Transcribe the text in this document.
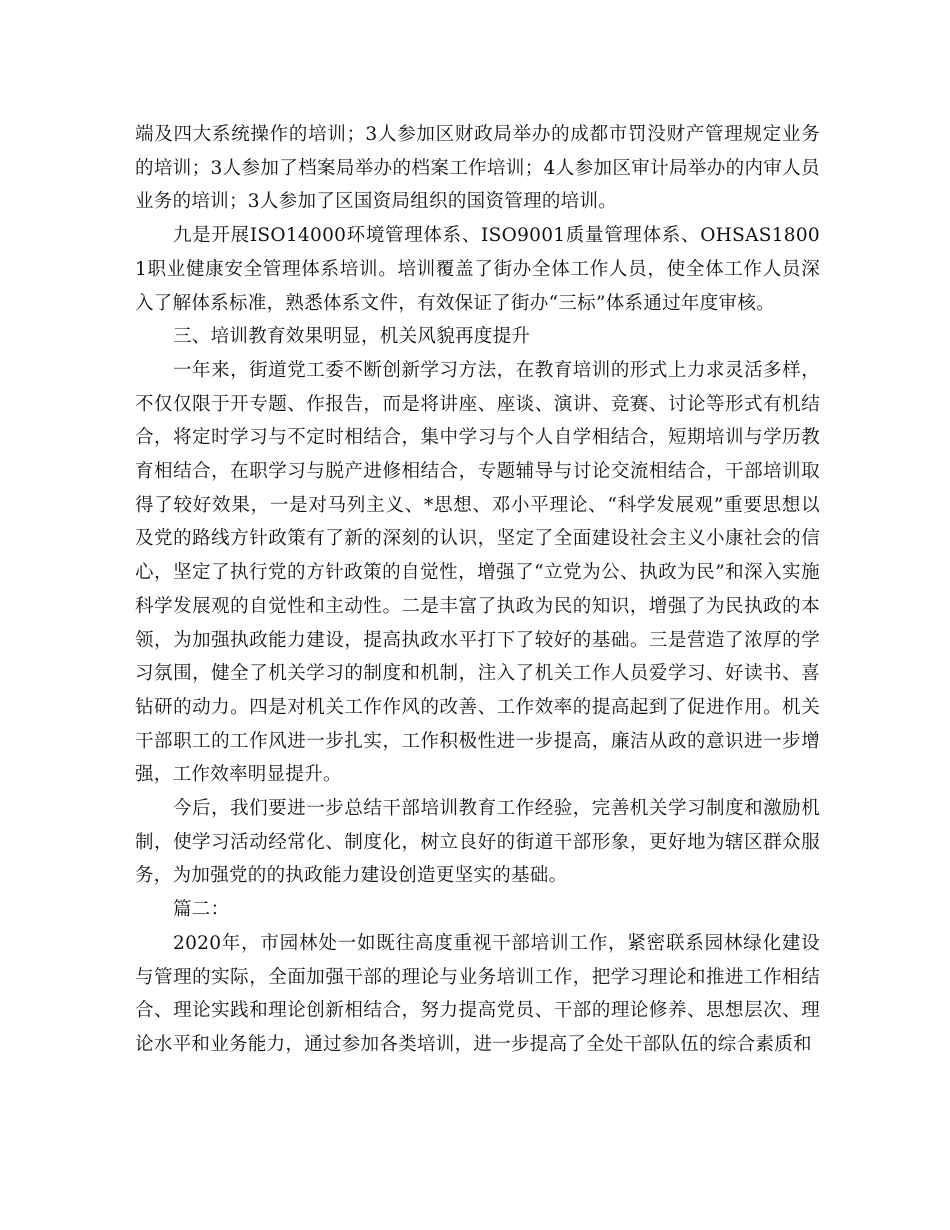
端及四大系统操作的培训；3人参加区财政局举办的成都市罚没财产管理规定业务的培训；3人参加了档案局举办的档案工作培训；4人参加区审计局举办的内审人员业务的培训；3人参加了区国资局组织的国资管理的培训。

九是开展ISO14000环境管理体系、ISO9001质量管理体系、OHSAS18001职业健康安全管理体系培训。培训覆盖了街办全体工作人员，使全体工作人员深入了解体系标准，熟悉体系文件，有效保证了街办“三标”体系通过年度审核。

三、培训教育效果明显，机关风貌再度提升

一年来，街道党工委不断创新学习方法，在教育培训的形式上力求灵活多样，不仅仅限于开专题、作报告，而是将讲座、座谈、演讲、竞赛、讨论等形式有机结合，将定时学习与不定时相结合，集中学习与个人自学相结合，短期培训与学历教育相结合，在职学习与脱产进修相结合，专题辅导与讨论交流相结合，干部培训取得了较好效果，一是对马列主义、*思想、邓小平理论、“科学发展观”重要思想以及党的路线方针政策有了新的深刻的认识，坚定了全面建设社会主义小康社会的信心，坚定了执行党的方针政策的自觉性，增强了“立党为公、执政为民”和深入实施科学发展观的自觉性和主动性。二是丰富了执政为民的知识，增强了为民执政的本领，为加强执政能力建设，提高执政水平打下了较好的基础。三是营造了浓厚的学习氛围，健全了机关学习的制度和机制，注入了机关工作人员爱学习、好读书、喜钻研的动力。四是对机关工作作风的改善、工作效率的提高起到了促进作用。机关干部职工的工作风进一步扎实，工作积极性进一步提高，廉洁从政的意识进一步增强，工作效率明显提升。

今后，我们要进一步总结干部培训教育工作经验，完善机关学习制度和激励机制，使学习活动经常化、制度化，树立良好的街道干部形象，更好地为辖区群众服务，为加强党的的执政能力建设创造更坚实的基础。

篇二：

2020年，市园林处一如既往高度重视干部培训工作，紧密联系园林绿化建设与管理的实际，全面加强干部的理论与业务培训工作，把学习理论和推进工作相结合、理论实践和理论创新相结合，努力提高党员、干部的理论修养、思想层次、理论水平和业务能力，通过参加各类培训，进一步提高了全处干部队伍的综合素质和
